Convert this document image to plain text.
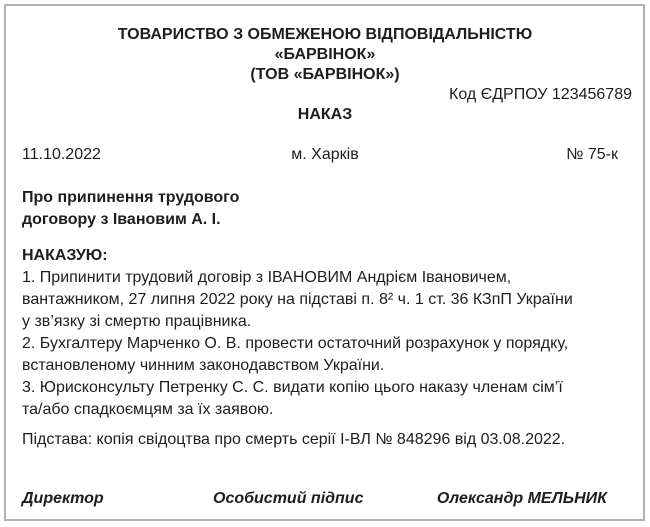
ТОВАРИСТВО З ОБМЕЖЕНОЮ ВІДПОВІДАЛЬНІСТЮ
«БАРВІНОК»
(ТОВ «БАРВІНОК»)
Код ЄДРПОУ 123456789
НАКАЗ
11.10.2022	м. Харків	№ 75-к
Про припинення трудового
договору з Івановим А. І.
НАКАЗУЮ:
1. Припинити трудовий договір з ІВАНОВИМ Андрієм Івановичем,
вантажником, 27 липня 2022 року на підставі п. 8² ч. 1 ст. 36 КЗпП України
у зв’язку зі смертю працівника.
2. Бухгалтеру Марченко О. В. провести остаточний розрахунок у порядку,
встановленому чинним законодавством України.
3. Юрисконсульту Петренку С. С. видати копію цього наказу членам сім’ї
та/або спадкоємцям за їх заявою.
Підстава: копія свідоцтва про смерть серії І-ВЛ № 848296 від 03.08.2022.
Директор	Особистий підпис	Олександр МЕЛЬНИК
